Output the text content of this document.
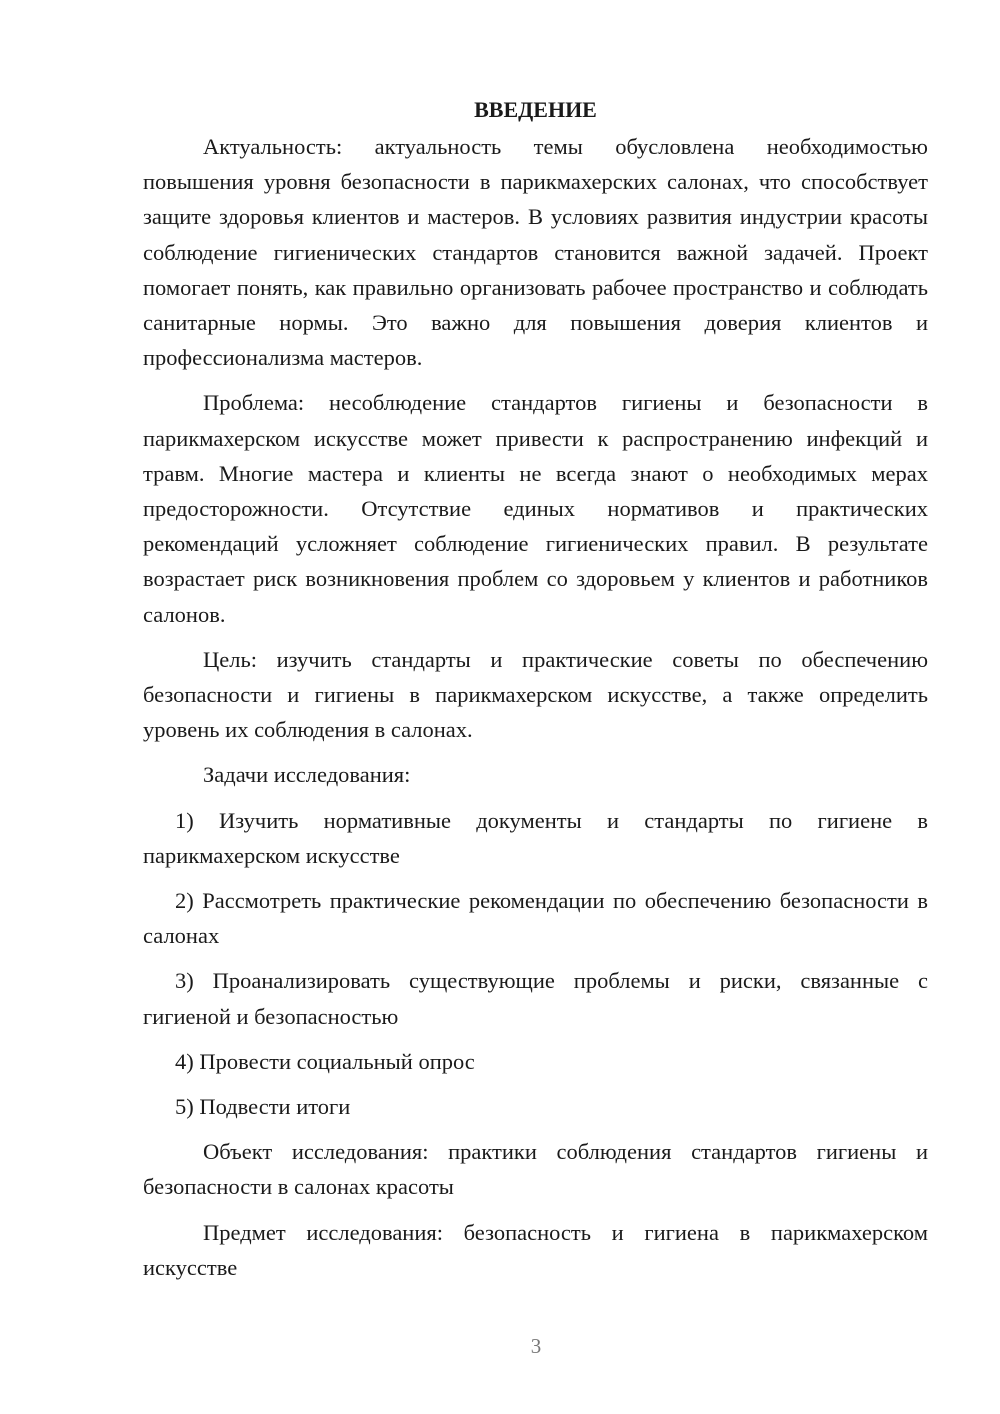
ВВЕДЕНИЕ

Актуальность: актуальность темы обусловлена необходимостью повышения уровня безопасности в парикмахерских салонах, что способствует защите здоровья клиентов и мастеров. В условиях развития индустрии красоты соблюдение гигиенических стандартов становится важной задачей. Проект помогает понять, как правильно организовать рабочее пространство и соблюдать санитарные нормы. Это важно для повышения доверия клиентов и профессионализма мастеров.

Проблема: несоблюдение стандартов гигиены и безопасности в парикмахерском искусстве может привести к распространению инфекций и травм. Многие мастера и клиенты не всегда знают о необходимых мерах предосторожности. Отсутствие единых нормативов и практических рекомендаций усложняет соблюдение гигиенических правил. В результате возрастает риск возникновения проблем со здоровьем у клиентов и работников салонов.

Цель: изучить стандарты и практические советы по обеспечению безопасности и гигиены в парикмахерском искусстве, а также определить уровень их соблюдения в салонах.

Задачи исследования:

1) Изучить нормативные документы и стандарты по гигиене в парикмахерском искусстве

2) Рассмотреть практические рекомендации по обеспечению безопасности в салонах

3) Проанализировать существующие проблемы и риски, связанные с гигиеной и безопасностью

4) Провести социальный опрос

5) Подвести итоги

Объект исследования: практики соблюдения стандартов гигиены и безопасности в салонах красоты

Предмет исследования: безопасность и гигиена в парикмахерском искусстве

3
